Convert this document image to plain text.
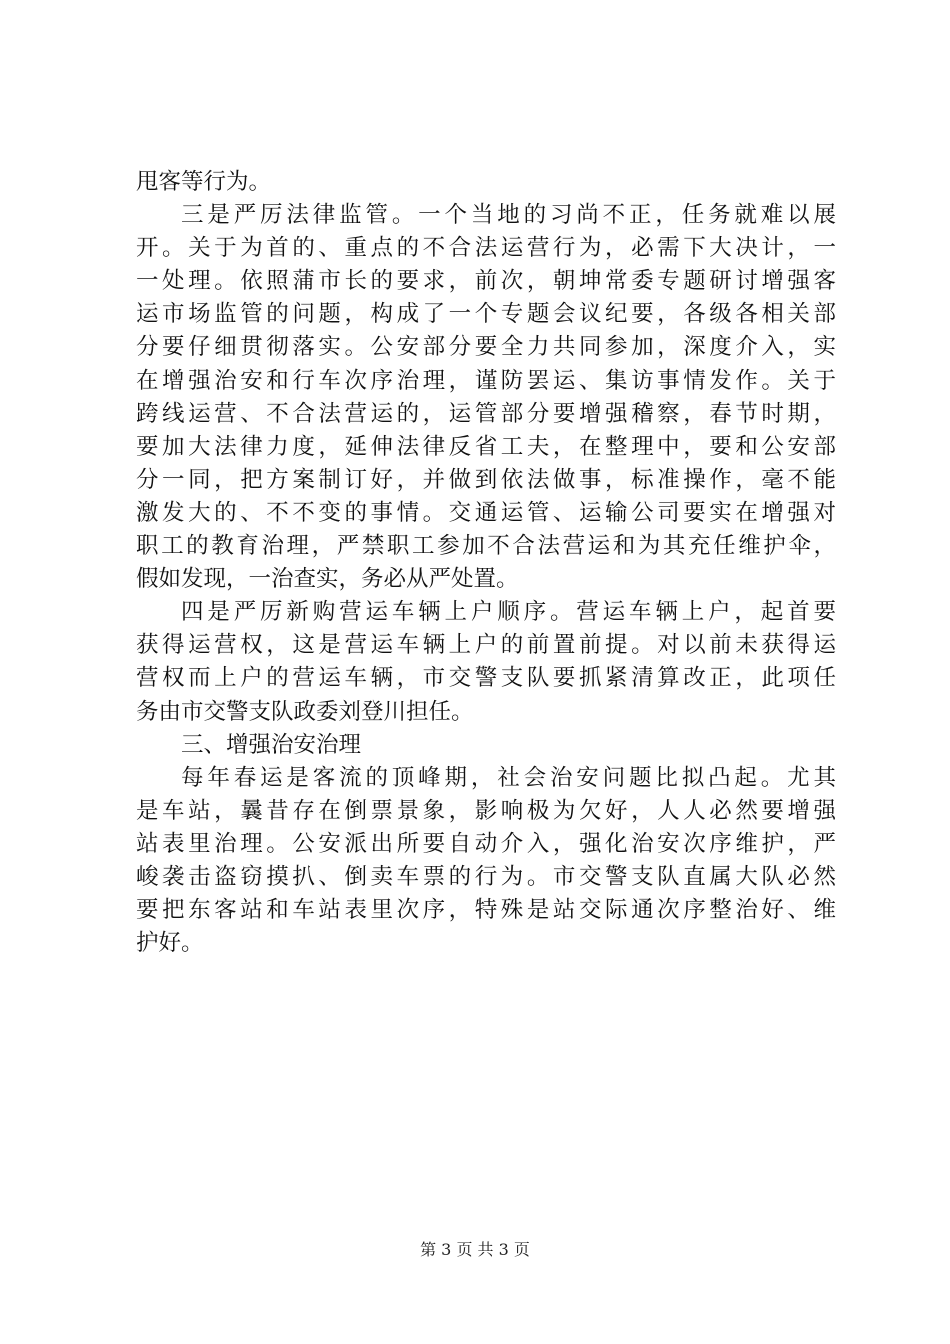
甩客等行为。
三是严厉法律监管。一个当地的习尚不正，任务就难以展
开。关于为首的、重点的不合法运营行为，必需下大决计，一
一处理。依照蒲市长的要求，前次，朝坤常委专题研讨增强客
运市场监管的问题，构成了一个专题会议纪要，各级各相关部
分要仔细贯彻落实。公安部分要全力共同参加，深度介入，实
在增强治安和行车次序治理，谨防罢运、集访事情发作。关于
跨线运营、不合法营运的，运管部分要增强稽察，春节时期，
要加大法律力度，延伸法律反省工夫，在整理中，要和公安部
分一同，把方案制订好，并做到依法做事，标准操作，毫不能
激发大的、不不变的事情。交通运管、运输公司要实在增强对
职工的教育治理，严禁职工参加不合法营运和为其充任维护伞，
假如发现，一治查实，务必从严处置。
四是严厉新购营运车辆上户顺序。营运车辆上户，起首要
获得运营权，这是营运车辆上户的前置前提。对以前未获得运
营权而上户的营运车辆，市交警支队要抓紧清算改正，此项任
务由市交警支队政委刘登川担任。
三、增强治安治理
每年春运是客流的顶峰期，社会治安问题比拟凸起。尤其
是车站，曩昔存在倒票景象，影响极为欠好，人人必然要增强
站表里治理。公安派出所要自动介入，强化治安次序维护，严
峻袭击盗窃摸扒、倒卖车票的行为。市交警支队直属大队必然
要把东客站和车站表里次序，特殊是站交际通次序整治好、维
护好。
第 3 页 共 3 页
